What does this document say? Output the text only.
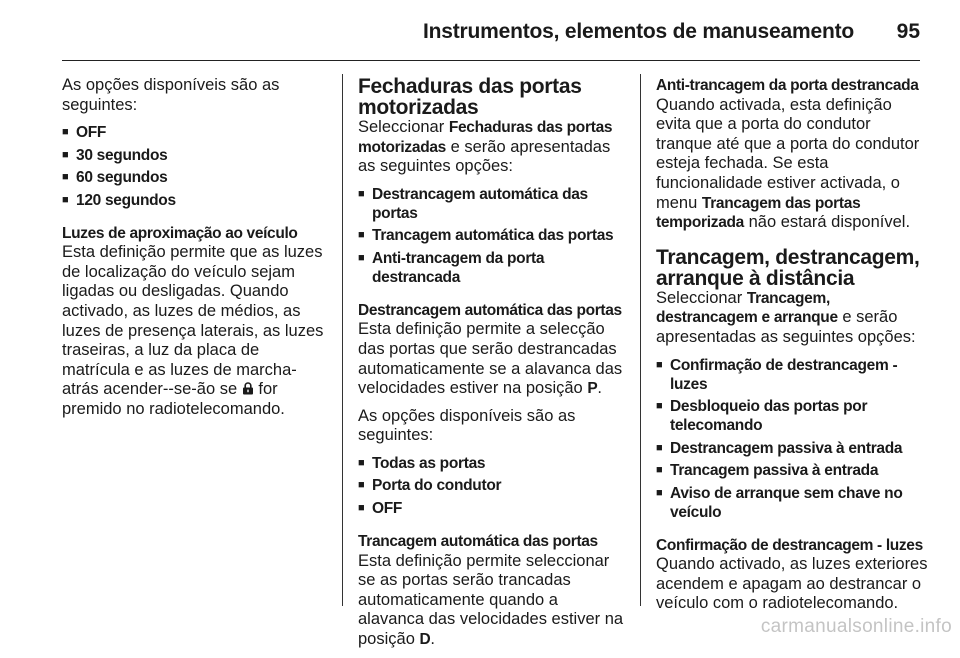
Instrumentos, elementos de manuseamento 95

As opções disponíveis são as seguintes:

■ OFF
■ 30 segundos
■ 60 segundos
■ 120 segundos

Luzes de aproximação ao veículo
Esta definição permite que as luzes de localização do veículo sejam ligadas ou desligadas. Quando activado, as luzes de médios, as luzes de presença laterais, as luzes traseiras, a luz da placa de matrícula e as luzes de marcha-atrás acender--se-ão se for premido no radiotelecomando.

Fechaduras das portas motorizadas

Seleccionar Fechaduras das portas motorizadas e serão apresentadas as seguintes opções:

■ Destrancagem automática das portas
■ Trancagem automática das portas
■ Anti-trancagem da porta destrancada

Destrancagem automática das portas
Esta definição permite a selecção das portas que serão destrancadas automaticamente se a alavanca das velocidades estiver na posição P.

As opções disponíveis são as seguintes:

■ Todas as portas
■ Porta do condutor
■ OFF

Trancagem automática das portas
Esta definição permite seleccionar se as portas serão trancadas automaticamente quando a alavanca das velocidades estiver na posição D.

Anti-trancagem da porta destrancada
Quando activada, esta definição evita que a porta do condutor tranque até que a porta do condutor esteja fechada. Se esta funcionalidade estiver activada, o menu Trancagem das portas temporizada não estará disponível.

Trancagem, destrancagem, arranque à distância

Seleccionar Trancagem, destrancagem e arranque e serão apresentadas as seguintes opções:

■ Confirmação de destrancagem - luzes
■ Desbloqueio das portas por telecomando
■ Destrancagem passiva à entrada
■ Trancagem passiva à entrada
■ Aviso de arranque sem chave no veículo

Confirmação de destrancagem - luzes
Quando activado, as luzes exteriores acendem e apagam ao destrancar o veículo com o radiotelecomando.

carmanualsonline.info
